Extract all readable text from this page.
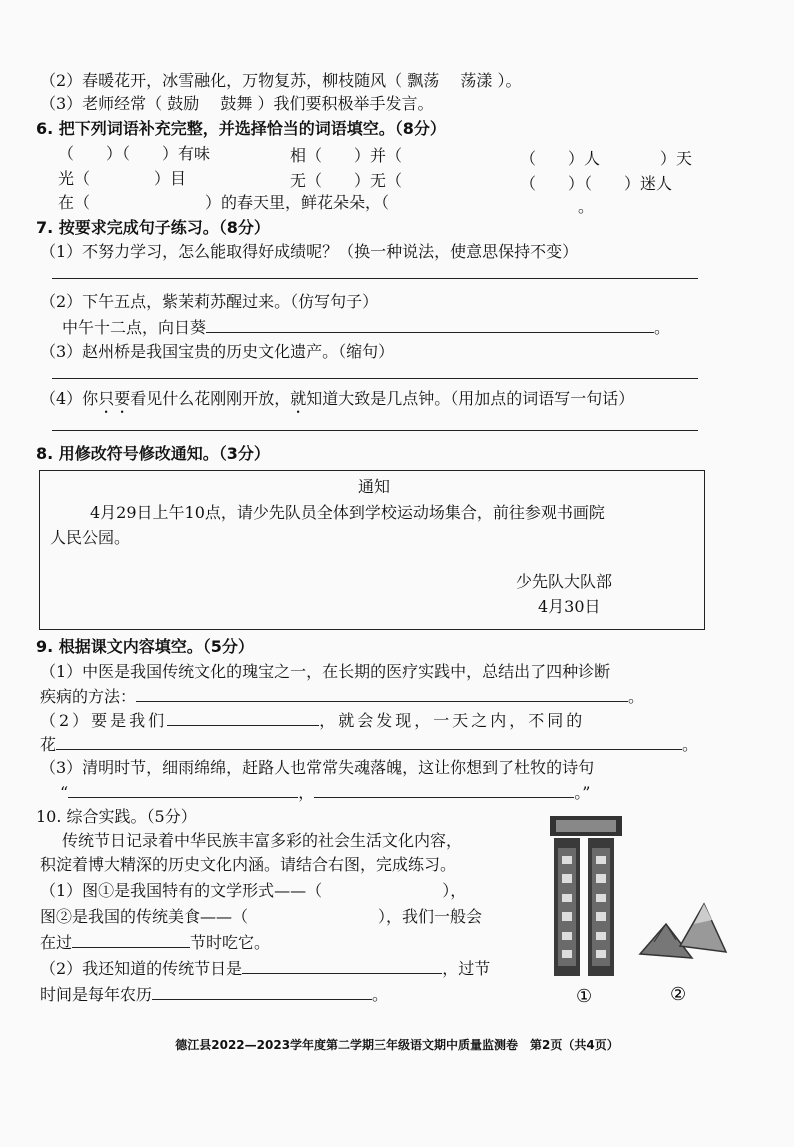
（2）春暖花开，冰雪融化，万物复苏，柳枝随风（ 飘荡　 荡漾 ）。
（3）老师经常（ 鼓励　 鼓舞 ）我们要积极举手发言。
6. 把下列词语补充完整，并选择恰当的词语填空。（8分）
（　　）（　　）有味	相（　　）并（　　	（　　）人	）天
光（　　　　）目	无（　　）无（	（　　）（　　）迷人
在（	）的春天里，鲜花朵朵，（	。
7. 按要求完成句子练习。（8分）
（1）不努力学习，怎么能取得好成绩呢？（换一种说法，使意思保持不变）
（2）下午五点，紫茉莉苏醒过来。（仿写句子）
中午十二点，向日葵	。
（3）赵州桥是我国宝贵的历史文化遗产。（缩句）
（4）你只要看见什么花刚刚开放，就知道大致是几点钟。（用加点的词语写一句话）
8. 用修改符号修改通知。（3分）
通知
4月29日上午10点，请少先队员全体到学校运动场集合，前往参观书画院
人民公园。
少先队大队部
4月30日
9. 根据课文内容填空。（5分）
（1）中医是我国传统文化的瑰宝之一，在长期的医疗实践中，总结出了四种诊断
疾病的方法：	。
（2）要是我们	，就会发现，一天之内，不同的
花	。
（3）清明时节，细雨绵绵，赶路人也常常失魂落魄，这让你想到了杜牧的诗句
“	，	。”
10. 综合实践。（5分）
传统节日记录着中华民族丰富多彩的社会生活文化内容，
积淀着博大精深的历史文化内涵。请结合右图，完成练习。
（1）图①是我国特有的文学形式——（	），
图②是我国的传统美食——（	），我们一般会
在过	节时吃它。
（2）我还知道的传统节日是	，过节
时间是每年农历	。	①	②
德江县2022—2023学年度第二学期三年级语文期中质量监测卷　第2页（共4页）
